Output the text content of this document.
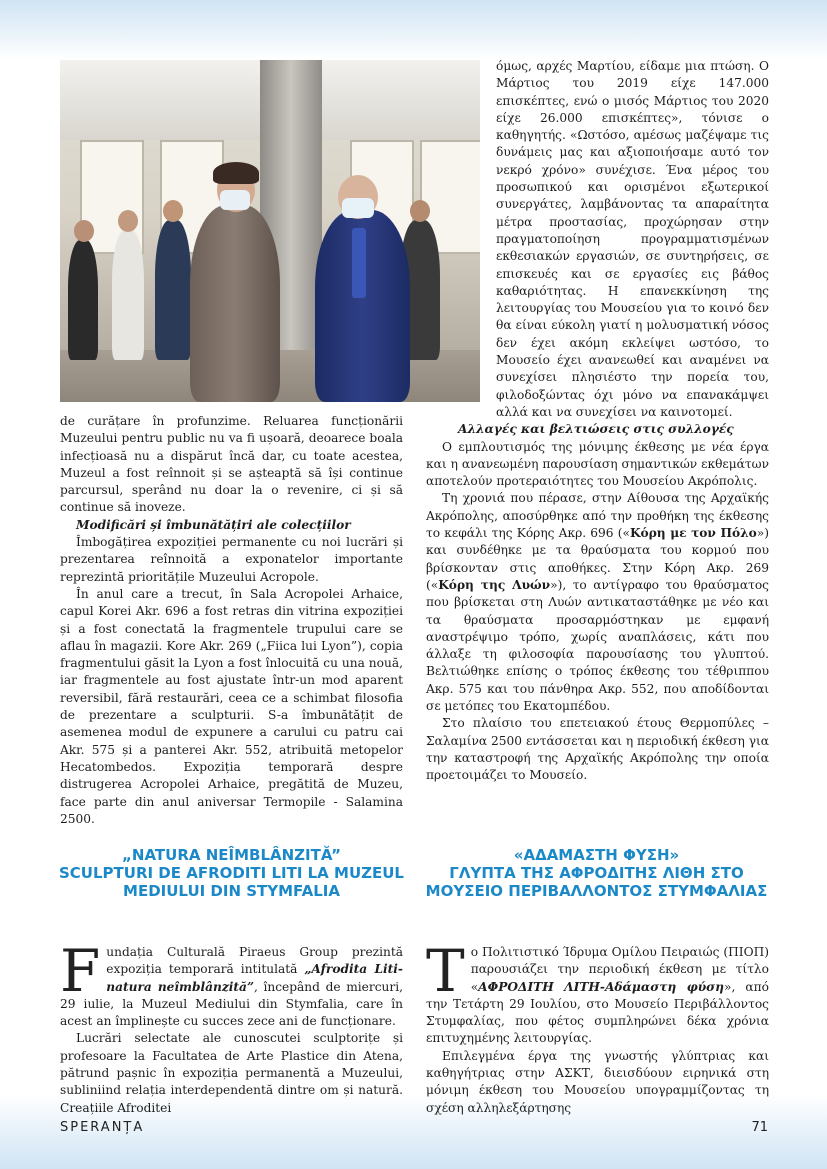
όμως, αρχές Μαρτίου, είδαμε μια πτώση. Ο Μάρτιος του 2019 είχε 147.000 επισκέπτες, ενώ ο μισός Μάρτιος του 2020 είχε 26.000 επισκέπτες», τόνισε ο καθηγητής. «Ωστόσο, αμέσως μαζέψαμε τις δυνάμεις μας και αξιοποιήσαμε αυτό τον νεκρό χρόνο» συνέχισε. Ένα μέρος του προσωπικού και ορισμένοι εξωτερικοί συνεργάτες, λαμβάνοντας τα απαραίτητα μέτρα προστασίας, προχώρησαν στην πραγματοποίηση προγραμματισμένων εκθεσιακών εργασιών, σε συντηρήσεις, σε επισκευές και σε εργασίες εις βάθος καθαριότητας. Η επανεκκίνηση της λειτουργίας του Μουσείου για το κοινό δεν θα είναι εύκολη γιατί η μολυσματική νόσος δεν έχει ακόμη εκλείψει ωστόσο, το Μουσείο έχει ανανεωθεί και αναμένει να συνεχίσει πλησιέστο την πορεία του, φιλοδοξώντας όχι μόνο να επανακάμψει αλλά και να συνεχίσει να καινοτομεί.

Αλλαγές και βελτιώσεις στις συλλογές

Ο εμπλουτισμός της μόνιμης έκθεσης με νέα έργα και η ανανεωμένη παρουσίαση σημαντικών εκθεμάτων αποτελούν προτεραιότητες του Μουσείου Ακρόπολις.

Τη χρονιά που πέρασε, στην Αίθουσα της Αρχαϊκής Ακρόπολης, αποσύρθηκε από την προθήκη της έκθεσης το κεφάλι της Κόρης Ακρ. 696 («Κόρη με τον Πόλο») και συνδέθηκε με τα θραύσματα του κορμού που βρίσκονταν στις αποθήκες. Στην Κόρη Ακρ. 269 («Κόρη της Λυών»), το αντίγραφο του θραύσματος που βρίσκεται στη Λυών αντικαταστάθηκε με νέο και τα θραύσματα προσαρμόστηκαν με εμφανή αναστρέψιμο τρόπο, χωρίς αναπλάσεις, κάτι που άλλαξε τη φιλοσοφία παρουσίασης του γλυπτού. Βελτιώθηκε επίσης ο τρόπος έκθεσης του τέθριππου Ακρ. 575 και του πάνθηρα Ακρ. 552, που αποδίδονται σε μετόπες του Εκατομπέδου.

Στο πλαίσιο του επετειακού έτους Θερμοπύλες – Σαλαμίνα 2500 εντάσσεται και η περιοδική έκθεση για την καταστροφή της Αρχαϊκής Ακρόπολης την οποία προετοιμάζει το Μουσείο.

de curățare în profunzime. Reluarea funcționării Muzeului pentru public nu va fi ușoară, deoarece boala infecțioasă nu a dispărut încă dar, cu toate acestea, Muzeul a fost reînnoit și se așteaptă să își continue parcursul, sperând nu doar la o revenire, ci și să continue să inoveze.

Modificări și îmbunătățiri ale colecțiilor

Îmbogățirea expoziției permanente cu noi lucrări și prezentarea reînnoită a exponatelor importante reprezintă prioritățile Muzeului Acropole.

În anul care a trecut, în Sala Acropolei Arhaice, capul Korei Akr. 696 a fost retras din vitrina expoziției și a fost conectată la fragmentele trupului care se aflau în magazii. Kore Akr. 269 („Fiica lui Lyon”), copia fragmentului găsit la Lyon a fost înlocuită cu una nouă, iar fragmentele au fost ajustate într-un mod aparent reversibil, fără restaurări, ceea ce a schimbat filosofia de prezentare a sculpturii. S-a îmbunătățit de asemenea modul de expunere a carului cu patru cai Akr. 575 și a panterei Akr. 552, atribuită metopelor Hecatombedos. Expoziția temporară despre distrugerea Acropolei Arhaice, pregătită de Muzeu, face parte din anul aniversar Termopile - Salamina 2500.

„NATURA NEÎMBLÂNZITĂ”
SCULPTURI DE AFRODITI LITI LA MUZEUL
MEDIULUI DIN STYMFALIA
«ΑΔΑΜΑΣΤΗ ΦΥΣΗ»
ΓΛΥΠΤΑ ΤΗΣ ΑΦΡΟΔΙΤΗΣ ΛΙΘΗ ΣΤΟ
ΜΟΥΣΕΙΟ ΠΕΡΙΒΑΛΛΟΝΤΟΣ ΣΤΥΜΦΑΛΙΑΣ

Fundația Culturală Piraeus Group prezintă expoziția temporară intitulată „Afrodita Liti-natura neîmblânzită”, începând de miercuri, 29 iulie, la Muzeul Mediului din Stymfalia, care în acest an împlinește cu succes zece ani de funcționare.

Lucrări selectate ale cunoscutei sculptorițe și profesoare la Facultatea de Arte Plastice din Atena, pătrund pașnic în expoziția permanentă a Muzeului, subliniind relația interdependentă dintre om și natură. Creațiile Afroditei

Το Πολιτιστικό Ίδρυμα Ομίλου Πειραιώς (ΠΙΟΠ) παρουσιάζει την περιοδική έκθεση με τίτλο «ΑΦΡΟΔΙΤΗ ΛΙΤΗ-Αδάμαστη φύση», από την Τετάρτη 29 Ιουλίου, στο Μουσείο Περιβάλλοντος Στυμφαλίας, που φέτος συμπληρώνει δέκα χρόνια επιτυχημένης λειτουργίας.

Επιλεγμένα έργα της γνωστής γλύπτριας και καθηγήτριας στην ΑΣΚΤ, διεισδύουν ειρηνικά στη μόνιμη έκθεση του Μουσείου υπογραμμίζοντας τη σχέση αλληλεξάρτησης

SPERANȚA	71
